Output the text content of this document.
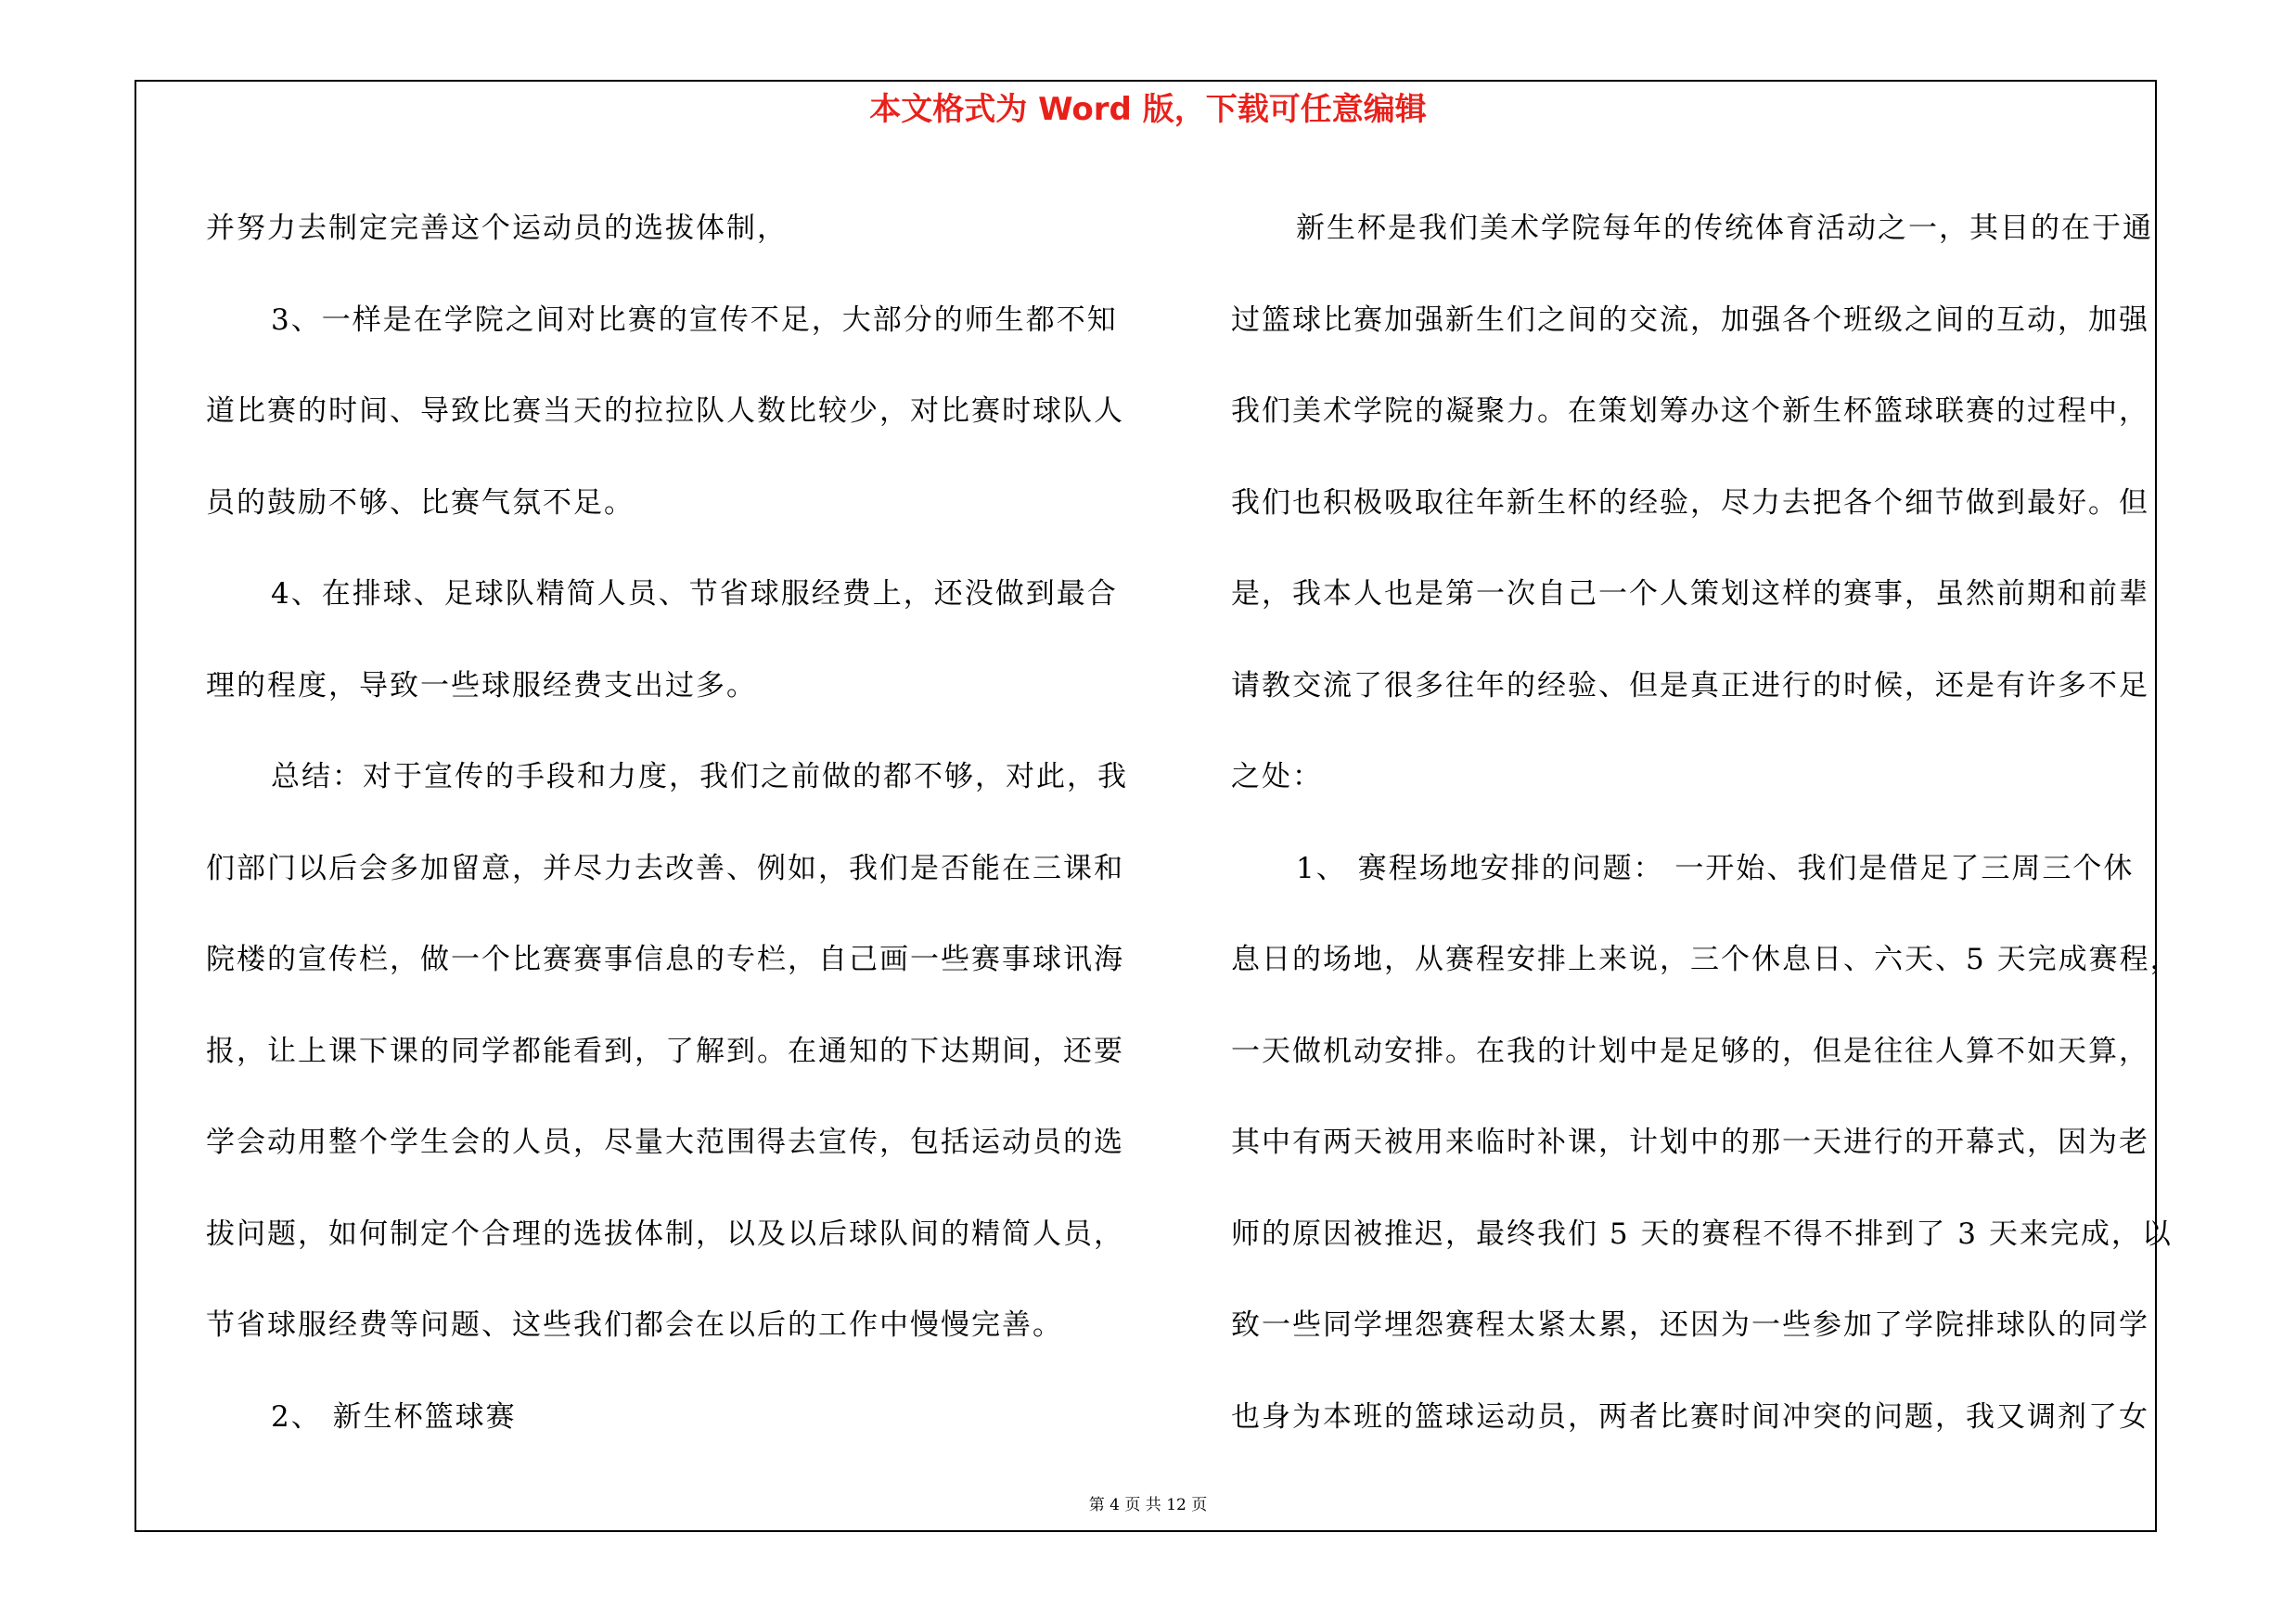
本文格式为 Word 版，下载可任意编辑
并努力去制定完善这个运动员的选拔体制，
3、一样是在学院之间对比赛的宣传不足，大部分的师生都不知
道比赛的时间、导致比赛当天的拉拉队人数比较少，对比赛时球队人
员的鼓励不够、比赛气氛不足。
4、在排球、足球队精简人员、节省球服经费上，还没做到最合
理的程度，导致一些球服经费支出过多。
总结：对于宣传的手段和力度，我们之前做的都不够，对此，我
们部门以后会多加留意，并尽力去改善、例如，我们是否能在三课和
院楼的宣传栏，做一个比赛赛事信息的专栏，自己画一些赛事球讯海
报，让上课下课的同学都能看到，了解到。在通知的下达期间，还要
学会动用整个学生会的人员，尽量大范围得去宣传，包括运动员的选
拔问题，如何制定个合理的选拔体制，以及以后球队间的精简人员，
节省球服经费等问题、这些我们都会在以后的工作中慢慢完善。
2、 新生杯篮球赛
新生杯是我们美术学院每年的传统体育活动之一，其目的在于通
过篮球比赛加强新生们之间的交流，加强各个班级之间的互动，加强
我们美术学院的凝聚力。在策划筹办这个新生杯篮球联赛的过程中，
我们也积极吸取往年新生杯的经验，尽力去把各个细节做到最好。但
是，我本人也是第一次自己一个人策划这样的赛事，虽然前期和前辈
请教交流了很多往年的经验、但是真正进行的时候，还是有许多不足
之处：
1、 赛程场地安排的问题： 一开始、我们是借足了三周三个休
息日的场地，从赛程安排上来说，三个休息日、六天、5 天完成赛程，
一天做机动安排。在我的计划中是足够的，但是往往人算不如天算，
其中有两天被用来临时补课，计划中的那一天进行的开幕式，因为老
师的原因被推迟，最终我们 5 天的赛程不得不排到了 3 天来完成，以
致一些同学埋怨赛程太紧太累，还因为一些参加了学院排球队的同学
也身为本班的篮球运动员，两者比赛时间冲突的问题，我又调剂了女
第 4 页 共 12 页
